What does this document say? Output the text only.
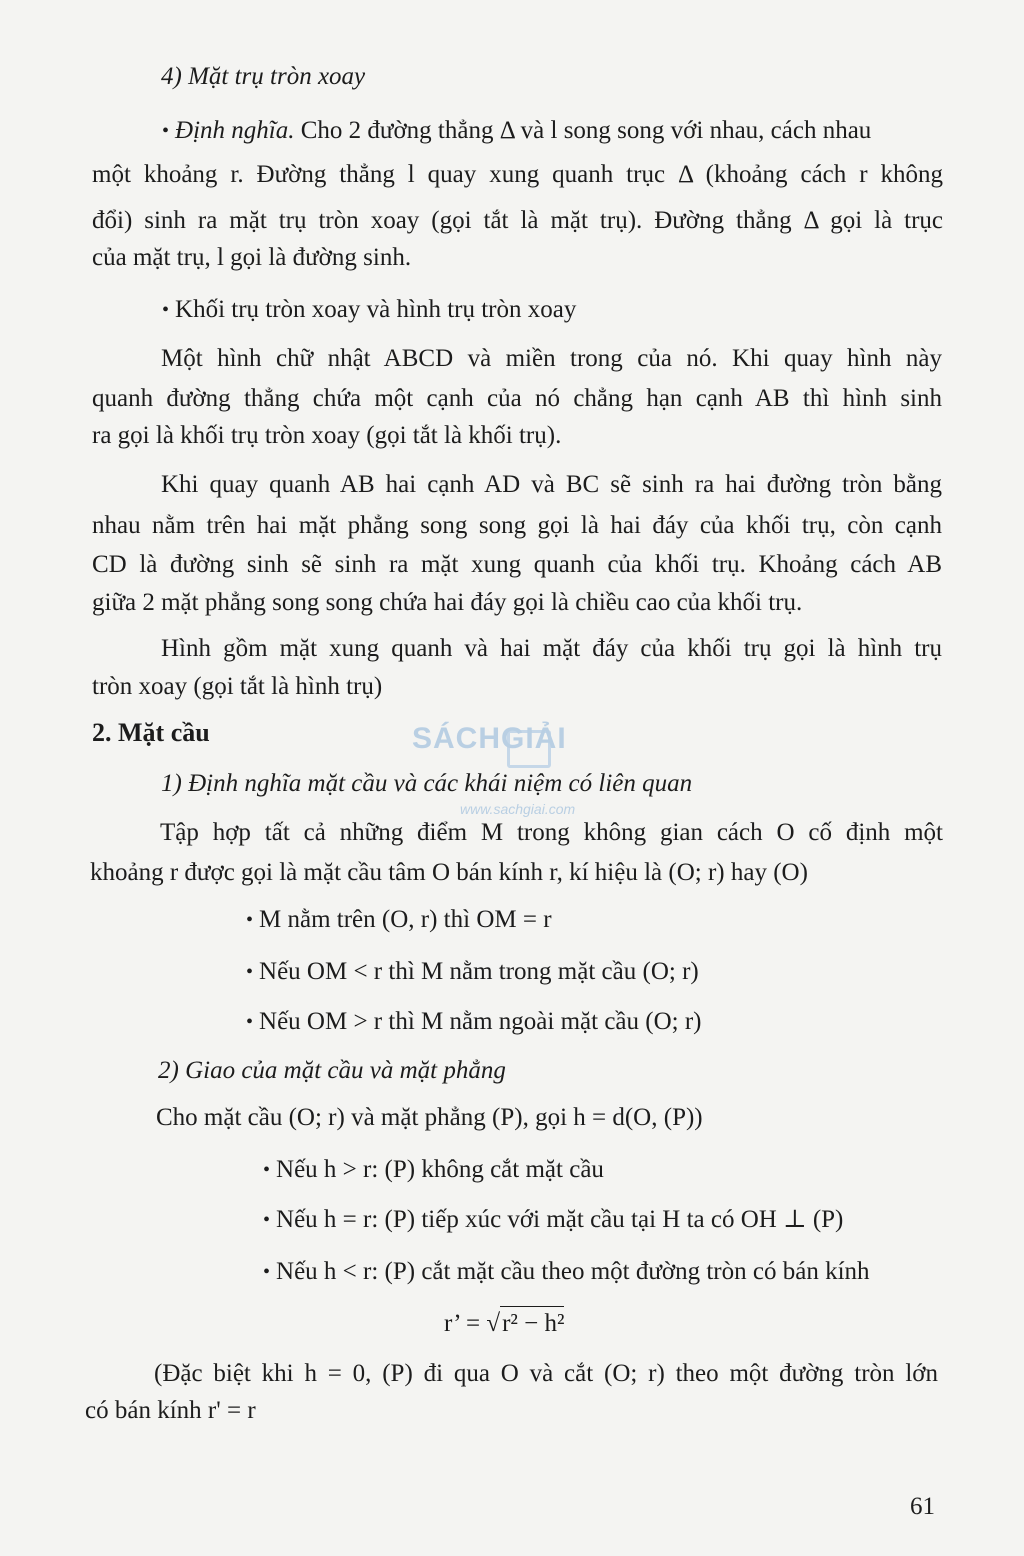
4) Mặt trụ tròn xoay

• Định nghĩa. Cho 2 đường thẳng Δ và l song song với nhau, cách nhau

một khoảng r. Đường thẳng l quay xung quanh trục Δ (khoảng cách r không

đổi) sinh ra mặt trụ tròn xoay (gọi tắt là mặt trụ). Đường thẳng Δ gọi là trục

của mặt trụ, l gọi là đường sinh.

• Khối trụ tròn xoay và hình trụ tròn xoay

Một hình chữ nhật ABCD và miền trong của nó. Khi quay hình này

quanh đường thẳng chứa một cạnh của nó chẳng hạn cạnh AB thì hình sinh

ra gọi là khối trụ tròn xoay (gọi tắt là khối trụ).

Khi quay quanh AB hai cạnh AD và BC sẽ sinh ra hai đường tròn bằng

nhau nằm trên hai mặt phẳng song song gọi là hai đáy của khối trụ, còn cạnh

CD là đường sinh sẽ sinh ra mặt xung quanh của khối trụ. Khoảng cách AB

giữa 2 mặt phẳng song song chứa hai đáy gọi là chiều cao của khối trụ.

Hình gồm mặt xung quanh và hai mặt đáy của khối trụ gọi là hình trụ

tròn xoay (gọi tắt là hình trụ)

SÁCHGIẢI
www.sachgiai.com

2. Mặt cầu

1) Định nghĩa mặt cầu và các khái niệm có liên quan

Tập hợp tất cả những điểm M trong không gian cách O cố định một

khoảng r được gọi là mặt cầu tâm O bán kính r, kí hiệu là (O; r) hay (O)

• M nằm trên (O, r) thì OM = r

• Nếu OM < r thì M nằm trong mặt cầu (O; r)

• Nếu OM > r thì M nằm ngoài mặt cầu (O; r)

2) Giao của mặt cầu và mặt phẳng

Cho mặt cầu (O; r) và mặt phẳng (P), gọi h = d(O, (P))

• Nếu h > r: (P) không cắt mặt cầu

• Nếu h = r: (P) tiếp xúc với mặt cầu tại H ta có OH ⊥ (P)

• Nếu h < r: (P) cắt mặt cầu theo một đường tròn có bán kính

r’ = √r² − h²

(Đặc biệt khi h = 0, (P) đi qua O và cắt (O; r) theo một đường tròn lớn

có bán kính r' = r

61
